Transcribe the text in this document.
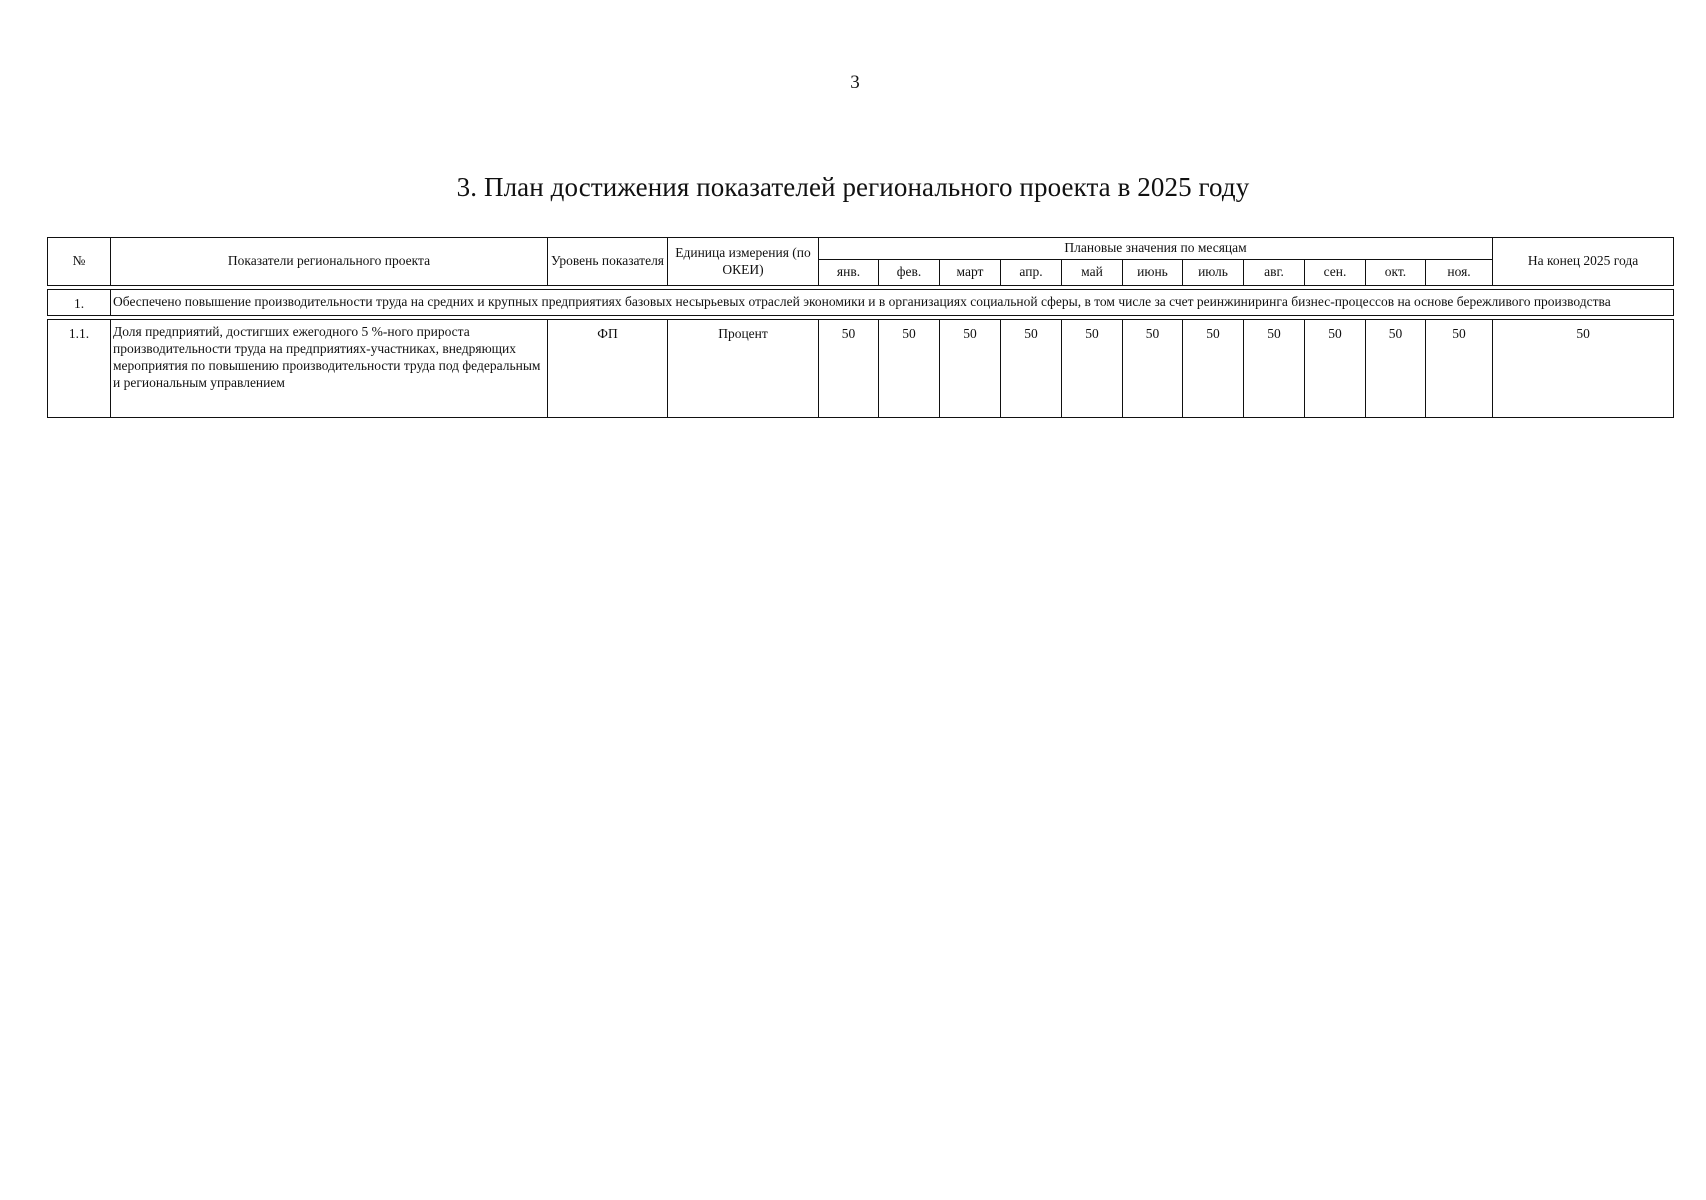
3
3. План достижения показателей регионального проекта в 2025 году
№	Показатели регионального проекта	Уровень показателя	Единица измерения (по ОКЕИ)	Плановые значения по месяцам											На конец 2025 года
				янв.	фев.	март	апр.	май	июнь	июль	авг.	сен.	окт.	ноя.	

1.	Обеспечено повышение производительности труда на средних и крупных предприятиях базовых несырьевых отраслей экономики и в организациях социальной сферы, в том числе за счет реинжиниринга бизнес-процессов на основе бережливого производства														

1.1.	Доля предприятий, достигших ежегодного 5 %-ного прироста производительности труда на предприятиях-участниках, внедряющих мероприятия по повышению производительности труда под федеральным и региональным управлением	ФП	Процент	50	50	50	50	50	50	50	50	50	50	50	50
